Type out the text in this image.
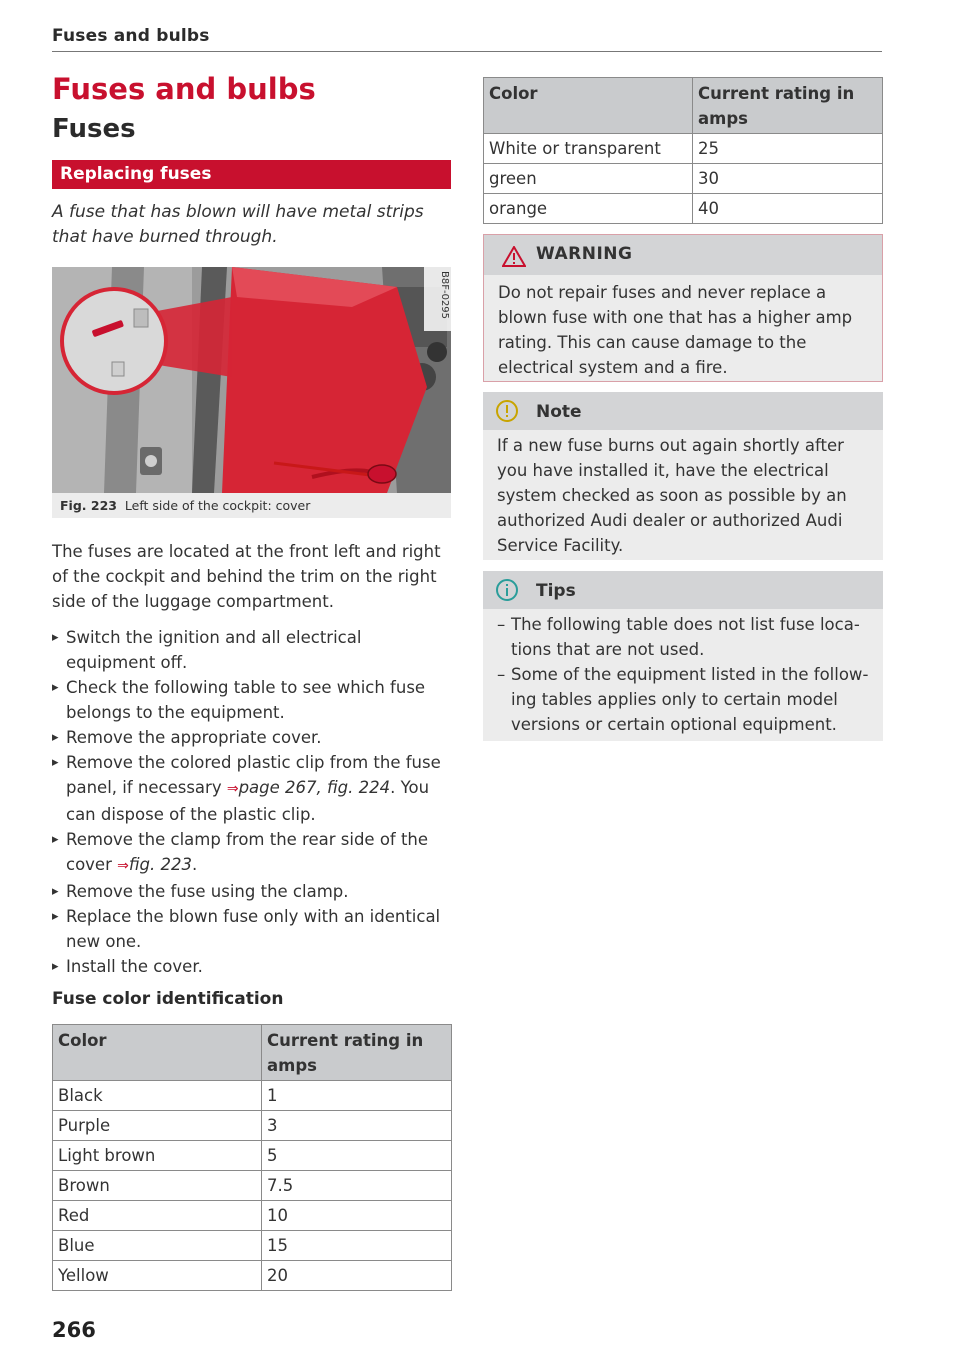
Fuses and bulbs
Fuses and bulbs
Fuses
Replacing fuses
A fuse that has blown will have metal strips that have burned through.
B8F-0295
Fig. 223 Left side of the cockpit: cover
The fuses are located at the front left and right of the cockpit and behind the trim on the right side of the luggage compartment.
▸ Switch the ignition and all electrical equipment off.
▸ Check the following table to see which fuse belongs to the equipment.
▸ Remove the appropriate cover.
▸ Remove the colored plastic clip from the fuse panel, if necessary ⇒page 267, fig. 224. You can dispose of the plastic clip.
▸ Remove the clamp from the rear side of the cover ⇒fig. 223.
▸ Remove the fuse using the clamp.
▸ Replace the blown fuse only with an identical new one.
▸ Install the cover.
Fuse color identification
Color	Current rating in amps
Black	1
Purple	3
Light brown	5
Brown	7.5
Red	10
Blue	15
Yellow	20
266
Color	Current rating in amps
White or transparent	25
green	30
orange	40
WARNING
Do not repair fuses and never replace a blown fuse with one that has a higher amp rating. This can cause damage to the electrical system and a fire.
Note
If a new fuse burns out again shortly after you have installed it, have the electrical system checked as soon as possible by an authorized Audi dealer or authorized Audi Service Facility.
Tips
– The following table does not list fuse locations that are not used.
– Some of the equipment listed in the following tables applies only to certain model versions or certain optional equipment.
